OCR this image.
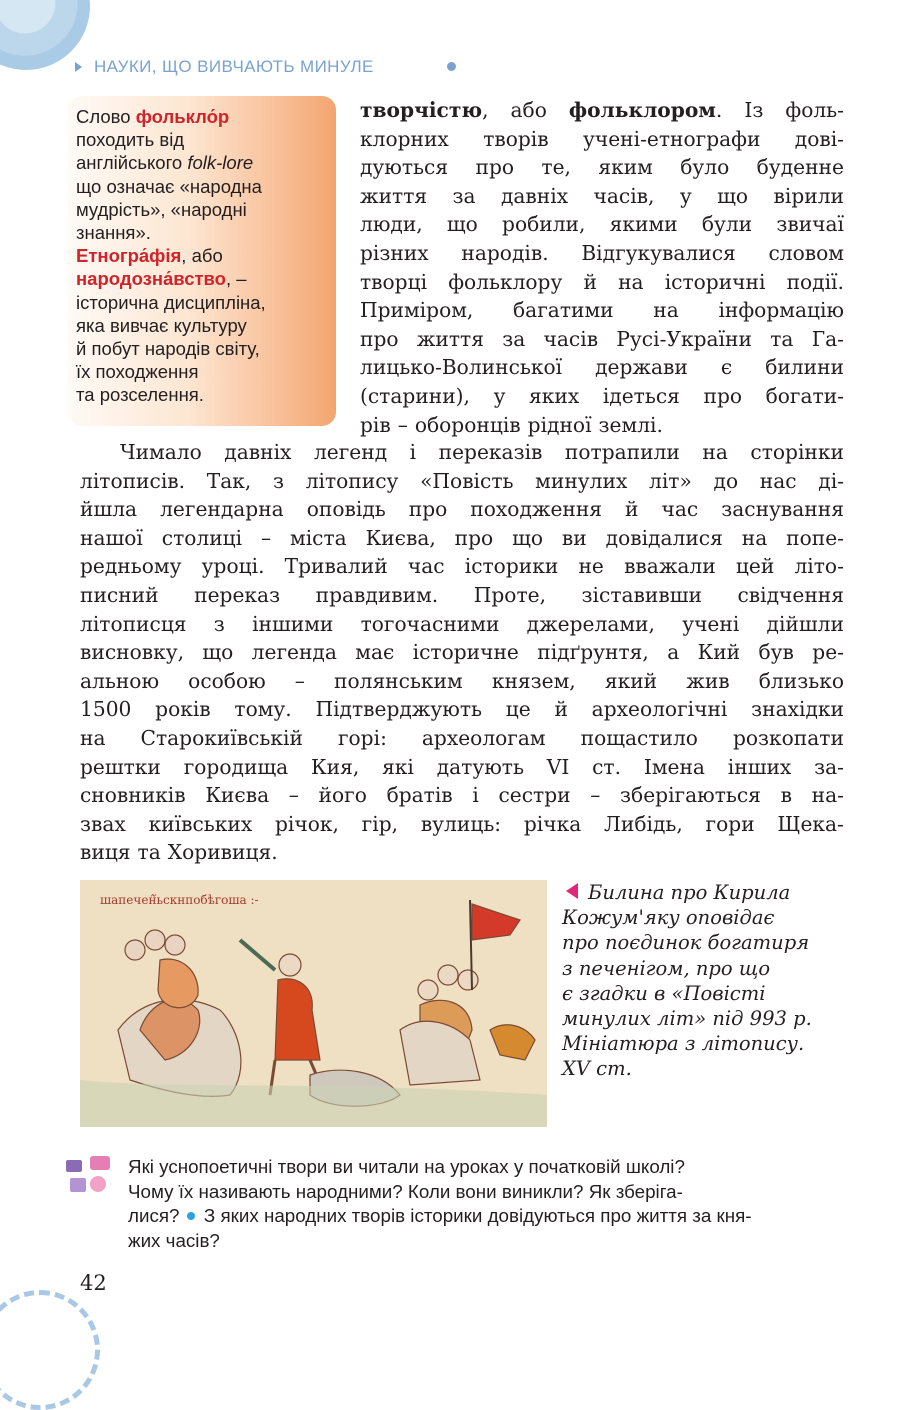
НАУКИ, ЩО ВИВЧАЮТЬ МИНУЛЕ
Слово фолькло́р
походить від
англійського folk-lore
що означає «народна
мудрість», «народні
знання».
Етногра́фія, або
народозна́вство, –
історична дисципліна,
яка вивчає культуру
й побут народів світу,
їх походження
та розселення.
творчістю, або фольклором. Із фоль-
клорних творів учені-етнографи дові-
дуються про те, яким було буденне
життя за давніх часів, у що вірили
люди, що робили, якими були звичаї
різних народів. Відгукувалися словом
творці фольклору й на історичні події.
Приміром, багатими на інформацію
про життя за часів Русі-України та Га-
лицько-Волинської держави є билини
(старини), у яких ідеться про богати-
рів – оборонців рідної землі.
Чимало давніх легенд і переказів потрапили на сторінки
літописів. Так, з літопису «Повість минулих літ» до нас ді-
йшла легендарна оповідь про походження й час заснування
нашої столиці – міста Києва, про що ви довідалися на попе-
редньому уроці. Тривалий час історики не вважали цей літо-
писний переказ правдивим. Проте, зіставивши свідчення
літописця з іншими тогочасними джерелами, учені дійшли
висновку, що легенда має історичне підґрунтя, а Кий був ре-
альною особою – полянським князем, який жив близько
1500 років тому. Підтверджують це й археологічні знахідки
на Старокиївській горі: археологам пощастило розкопати
рештки городища Кия, які датують VI ст. Імена інших за-
сновників Києва – його братів і сестри – зберігаються в на-
звах київських річок, гір, вулиць: річка Либідь, гори Щека-
виця та Хоривиця.
шапечен᷉ьскнпобѣгоша :-	Билина про Кирила
Кожум'яку оповідає
про поєдинок богатиря
з печенігом, про що
є згадки в «Повісті
минулих літ» під 993 р.
Мініатюра з літопису.
XV ст.
Які уснопоетичні твори ви читали на уроках у початковій школі?
Чому їх називають народними? Коли вони виникли? Як зберіга-
лися?  З яких народних творів історики довідуються про життя за кня-
жих часів?
42
